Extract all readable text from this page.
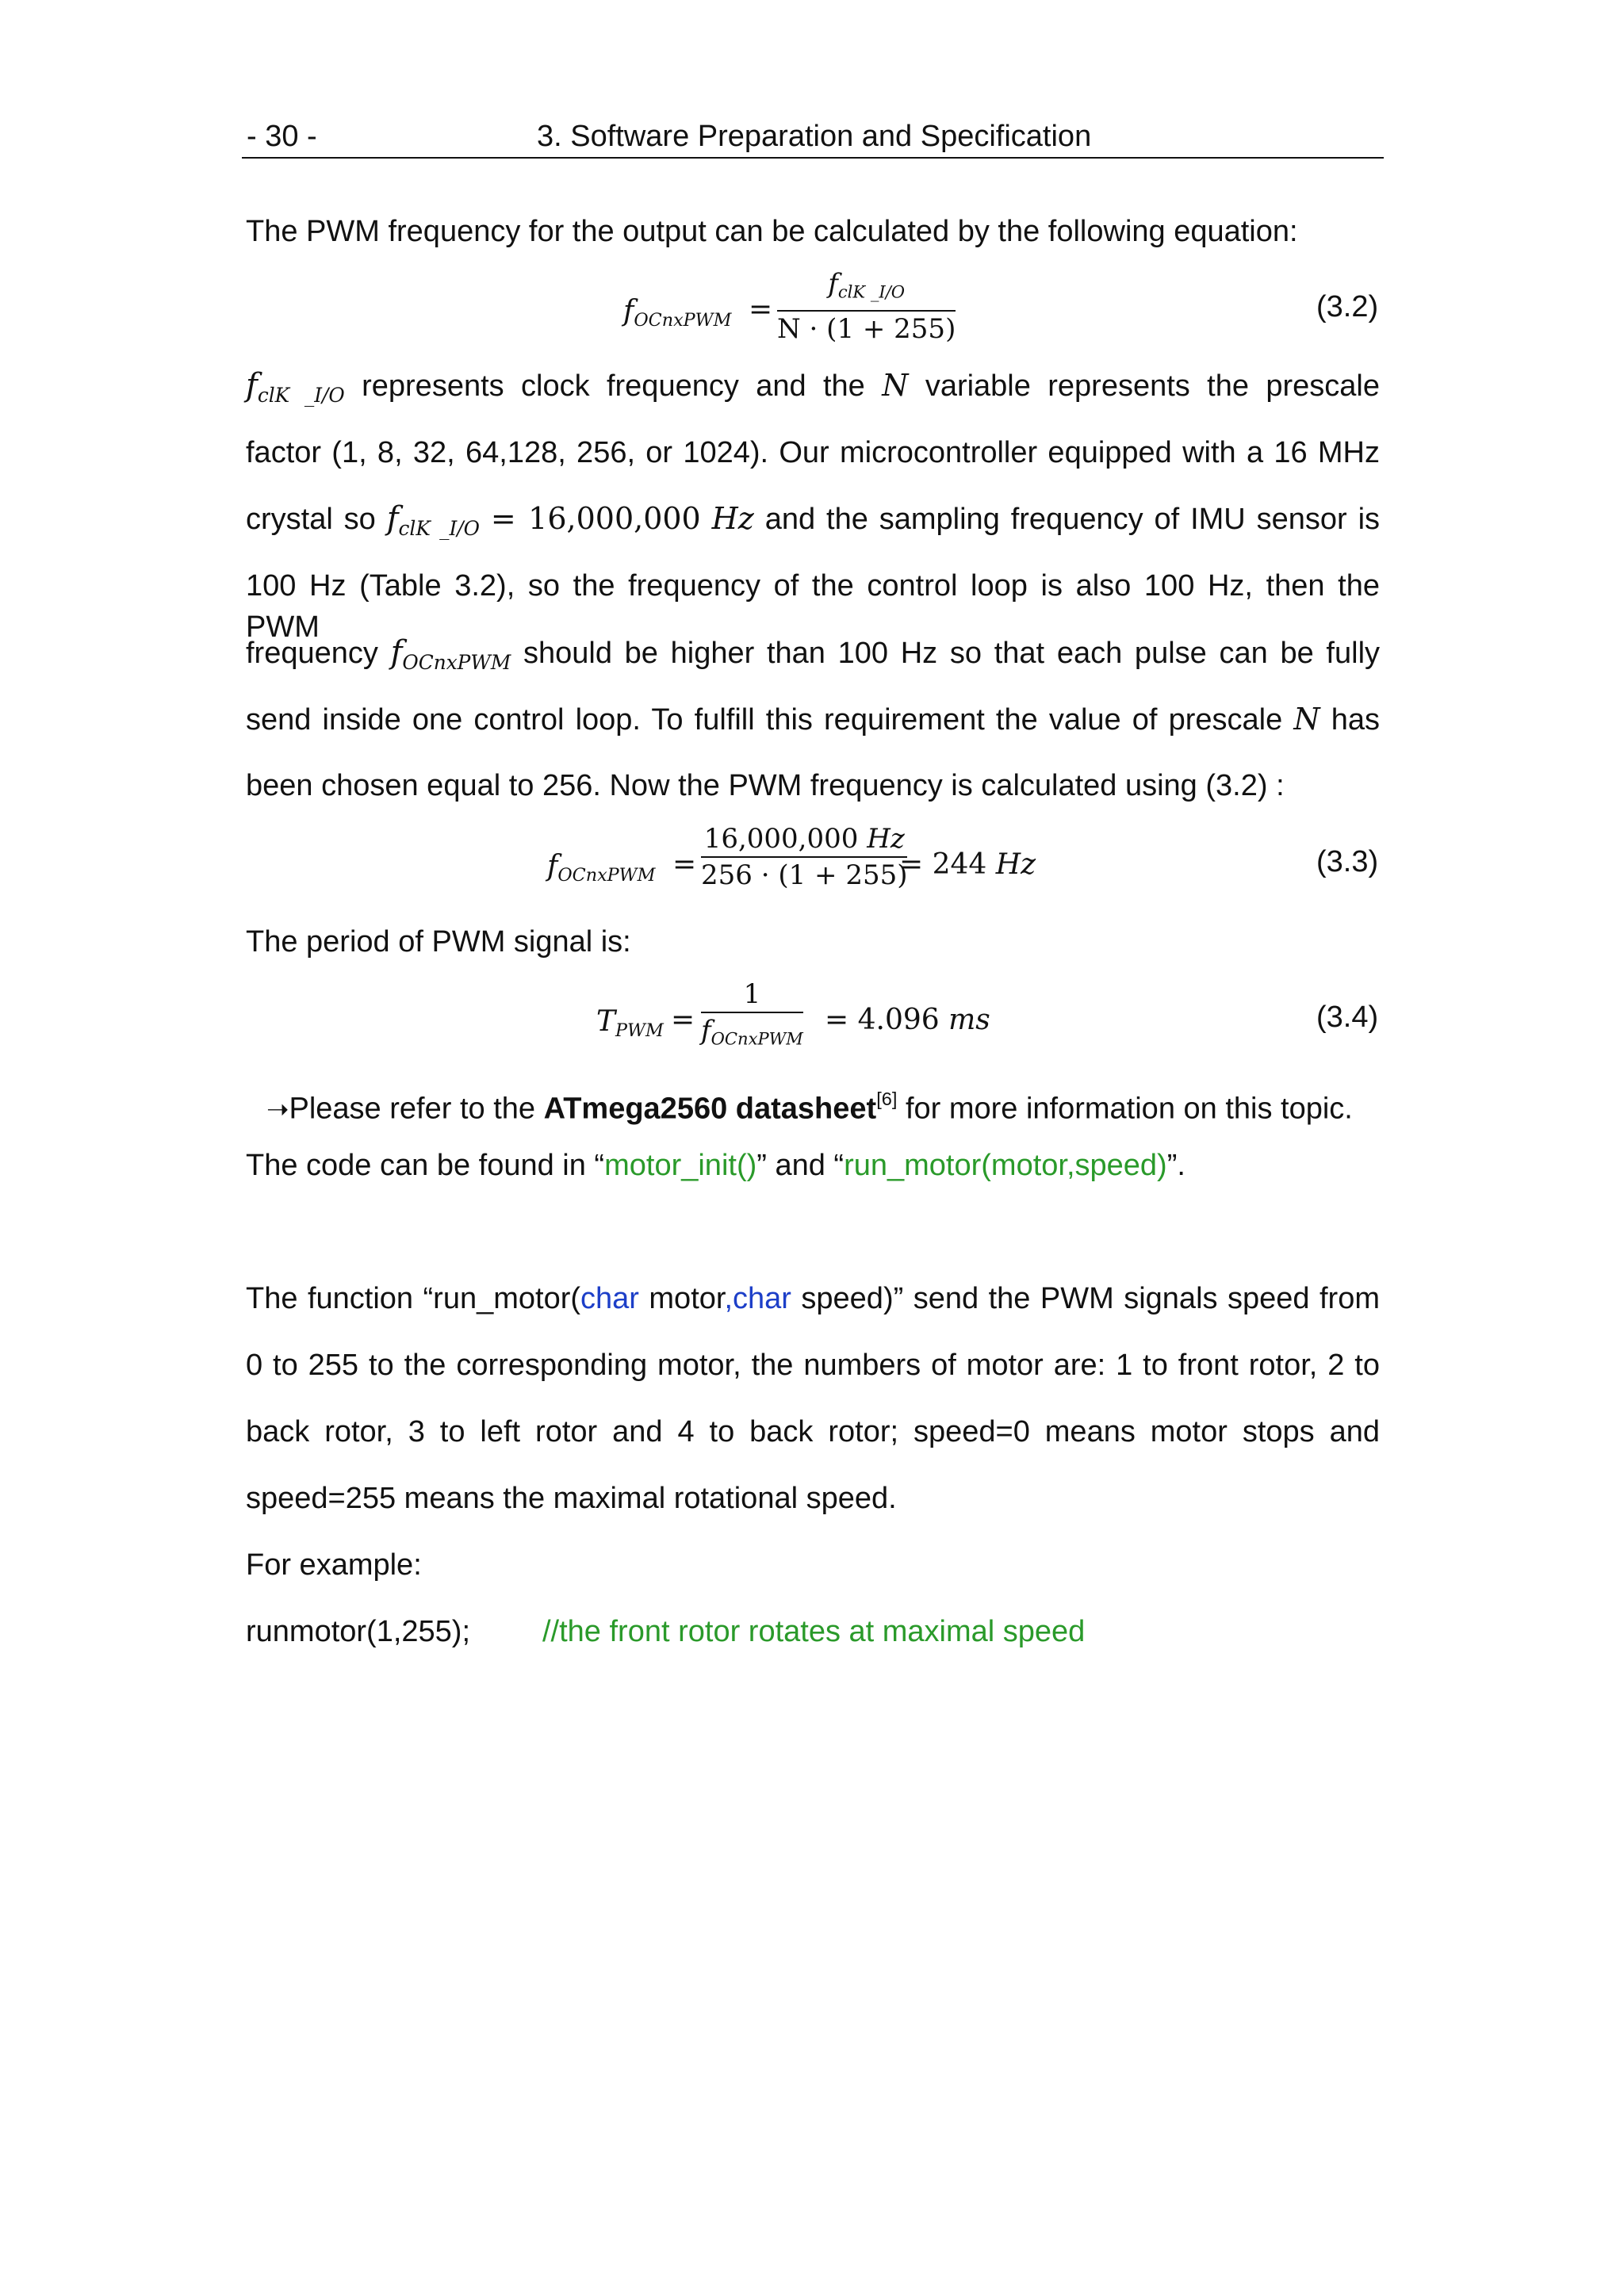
- 30 -	3. Software Preparation and Specification

The PWM frequency for the output can be calculated by the following equation:

$f_{OCnxPWM}$ =
$f_{clK \_I/O}$
N · (1 + 255)
(3.2)
$f_{clK \_I/O}$ represents clock frequency and the N variable represents the prescale

factor (1, 8, 32, 64,128, 256, or 1024). Our microcontroller equipped with a 16 MHz

crystal so $f_{clK \_I/O} = 16,000,000$ Hz and the sampling frequency of IMU sensor is

100 Hz (Table 3.2), so the frequency of the control loop is also 100 Hz, then the PWM

frequency $f_{OCnxPWM}$ should be higher than 100 Hz so that each pulse can be fully
send inside one control loop. To fulfill this requirement the value of prescale N has

been chosen equal to 256. Now the PWM frequency is calculated using (3.2) :

$f_{OCnxPWM}$ =
16,000,000 Hz
256 · (1 + 255)
= 244 Hz	(3.3)

The period of PWM signal is:

$T_{PWM}$ =
1
$f_{OCnxPWM}$
= 4.096 ms	(3.4)
➝Please refer to the ATmega2560 datasheet[6] for more information on this topic.
The code can be found in “motor_init()” and “run_motor(motor,speed)”.
The function “run_motor(char motor,char speed)” send the PWM signals speed from

0 to 255 to the corresponding motor, the numbers of motor are: 1 to front rotor, 2 to

back rotor, 3 to left rotor and 4 to back rotor; speed=0 means motor stops and

speed=255 means the maximal rotational speed.

For example:

runmotor(1,255); //the front rotor rotates at maximal speed
